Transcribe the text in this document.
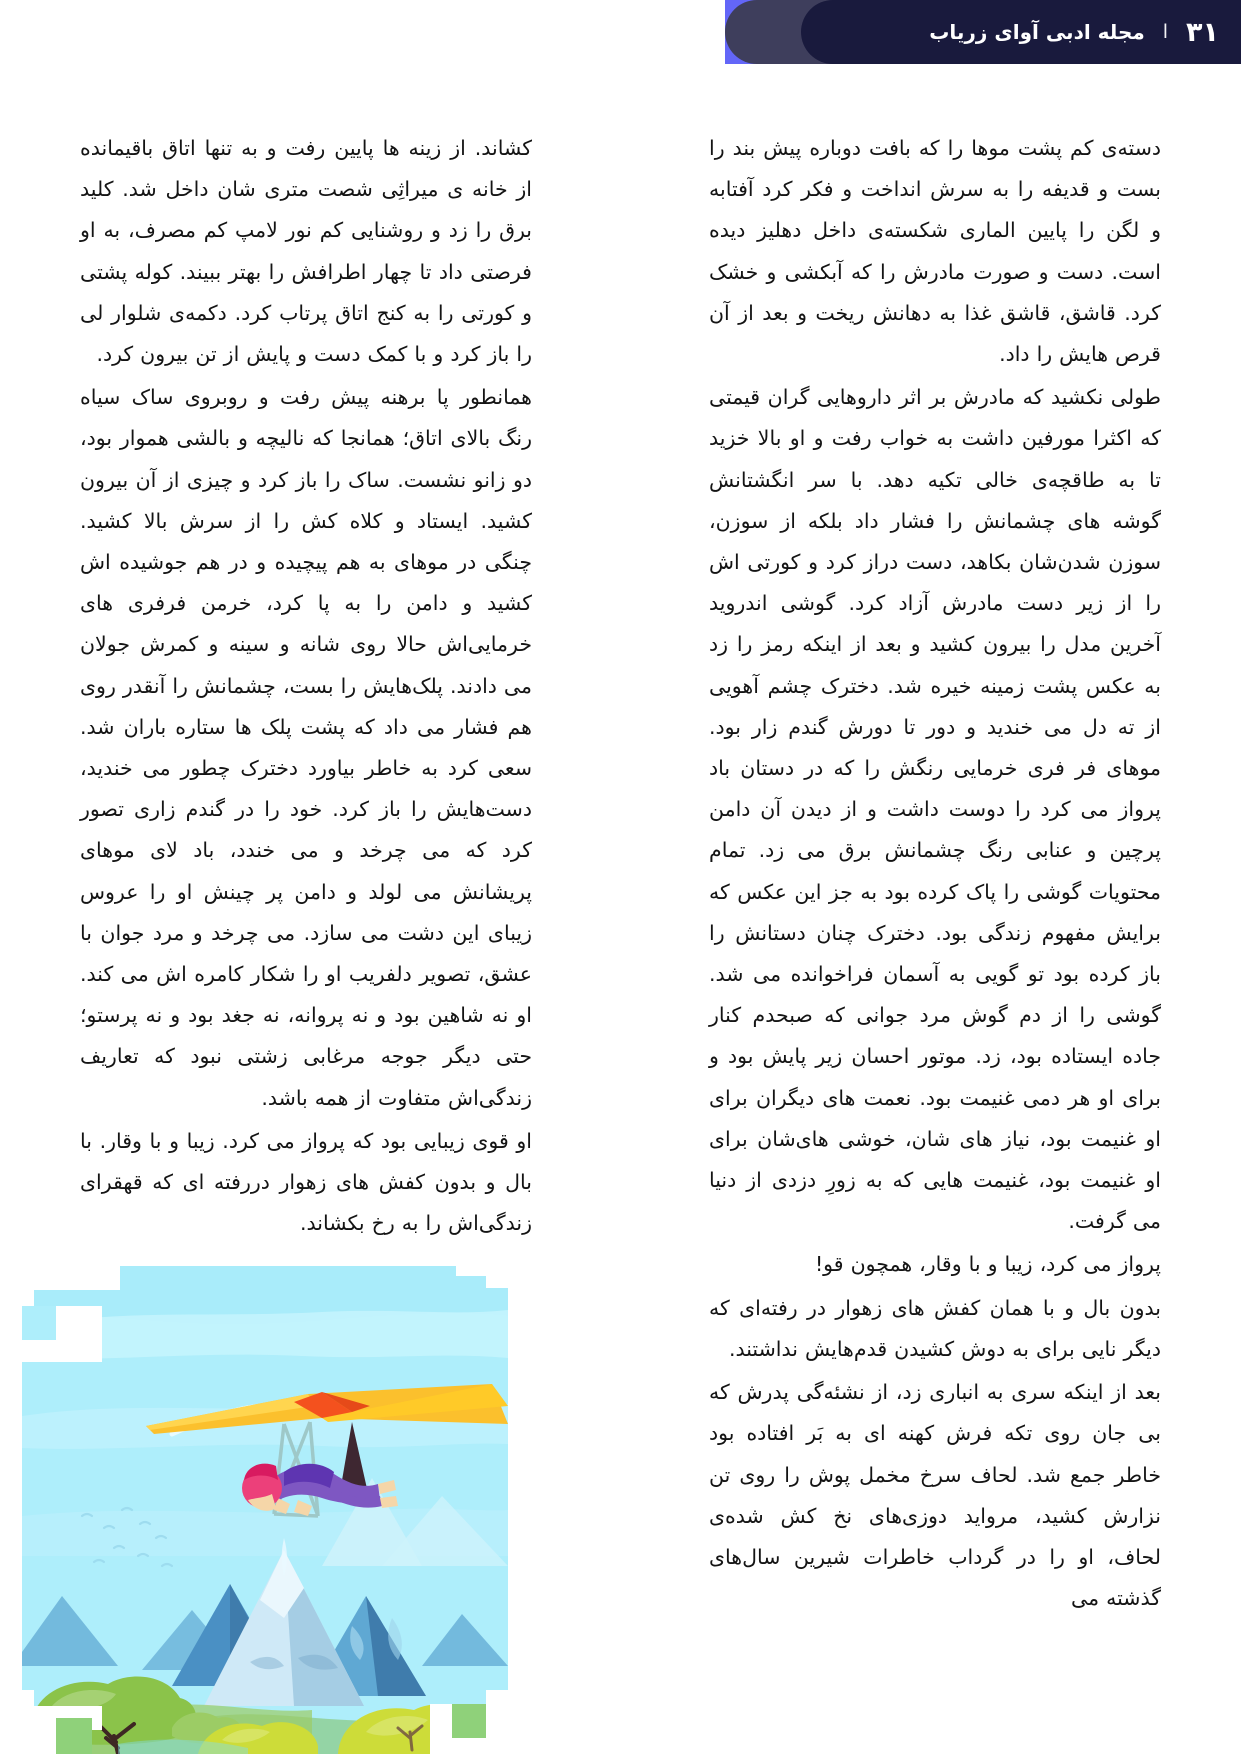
۳۱
ا
مجله ادبی آوای زریاب

دسته‌ی کم پشت موها را که بافت دوباره پیش بند را بست و قدیفه را به سرش انداخت و فکر کرد آفتابه و لگن را پایین الماری شکسته‌ی داخل دهلیز دیده است. دست و صورت مادرش را که آبکشی و خشک کرد. قاشق، قاشق غذا به دهانش ریخت و بعد از آن قرص هایش را داد.

طولی نکشید که مادرش بر اثر داروهایی گران قیمتی که اکثرا مورفین داشت به خواب رفت و او بالا خزید تا به طاقچه‌ی خالی تکیه دهد. با سر انگشتانش گوشه های چشمانش را فشار داد بلکه از سوزن، سوزن شدن‌شان بکاهد، دست دراز کرد و کورتی اش را از زیر دست مادرش آزاد کرد. گوشی اندروید آخرین مدل را بیرون کشید و بعد از اینکه رمز را زد به عکس پشت زمینه خیره شد. دخترک چشم آهویی از ته دل می خندید و دور تا دورش گندم زار بود. موهای فر فری خرمایی رنگش را که در دستان باد پرواز می کرد را دوست داشت و از دیدن آن دامن پرچین و عنابی رنگ چشمانش برق می زد. تمام محتویات گوشی را پاک کرده بود به جز این عکس که برایش مفهوم زندگی بود. دخترک چنان دستانش را باز کرده بود تو گویی به آسمان فراخوانده می شد. گوشی را از دم گوش مرد جوانی که صبحدم کنار جاده ایستاده بود، زد. موتور احسان زیر پایش بود و برای او هر دمی غنیمت بود. نعمت های دیگران برای او غنیمت بود، نیاز های شان، خوشی های‌شان برای او غنیمت بود، غنیمت هایی که به زورِ دزدی از دنیا می گرفت.

پرواز می کرد، زیبا و با وقار، همچون قو!

بدون بال و با همان کفش های زهوار در رفته‌ای که دیگر نایی برای به دوش کشیدن قدم‌هایش نداشتند.

بعد از اینکه سری به انباری زد، از نشئه‌گی پدرش که بی جان روی تکه فرش کهنه ای به بَر افتاده بود خاطر جمع شد. لحاف سرخ مخمل پوش را روی تن نزارش کشید، مرواید دوزی‌های نخ کش شده‌ی لحاف، او را در گرداب خاطرات شیرین سال‌های گذشته می

کشاند. از زینه ها پایین رفت و به تنها اتاق باقیمانده از خانه ی میراثِی شصت متری شان داخل شد. کلید برق را زد و روشنایی کم نور لامپ کم مصرف، به او فرصتی داد تا چهار اطرافش را بهتر ببیند. کوله پشتی و کورتی را به کنج اتاق پرتاب کرد. دکمه‌ی شلوار لی را باز کرد و با کمک دست و پایش از تن بیرون کرد.

همانطور پا برهنه پیش رفت و روبروی ساک سیاه رنگ بالای اتاق؛ همانجا که نالیچه و بالشی هموار بود، دو زانو نشست. ساک را باز کرد و چیزی از آن بیرون کشید. ایستاد و کلاه کش را از سرش بالا کشید. چنگی در موهای به هم پیچیده و در هم جوشیده اش کشید و دامن را به پا کرد، خرمن فرفری های خرمایی‌اش حالا روی شانه و سینه و کمرش جولان می دادند. پلک‌هایش را بست، چشمانش را آنقدر روی هم فشار می داد که پشت پلک ها ستاره باران شد. سعی کرد به خاطر بیاورد دخترک چطور می خندید، دست‌هایش را باز کرد. خود را در گندم زاری تصور کرد که می چرخد و می خندد، باد لای موهای پریشانش می لولد و دامن پر چینش او را عروس زیبای این دشت می سازد. می چرخد و مرد جوان با عشق، تصویر دلفریب او را شکار کامره اش می کند. او نه شاهین بود و نه پروانه، نه جغد بود و نه پرستو؛ حتی دیگر جوجه مرغابی زشتی نبود که تعاریف زندگی‌اش متفاوت از همه باشد.

او قوی زیبایی بود که پرواز می کرد. زیبا و با وقار. با بال و بدون کفش های زهوار دررفته ای که قهقرای زندگی‌اش را به رخ بکشاند.
